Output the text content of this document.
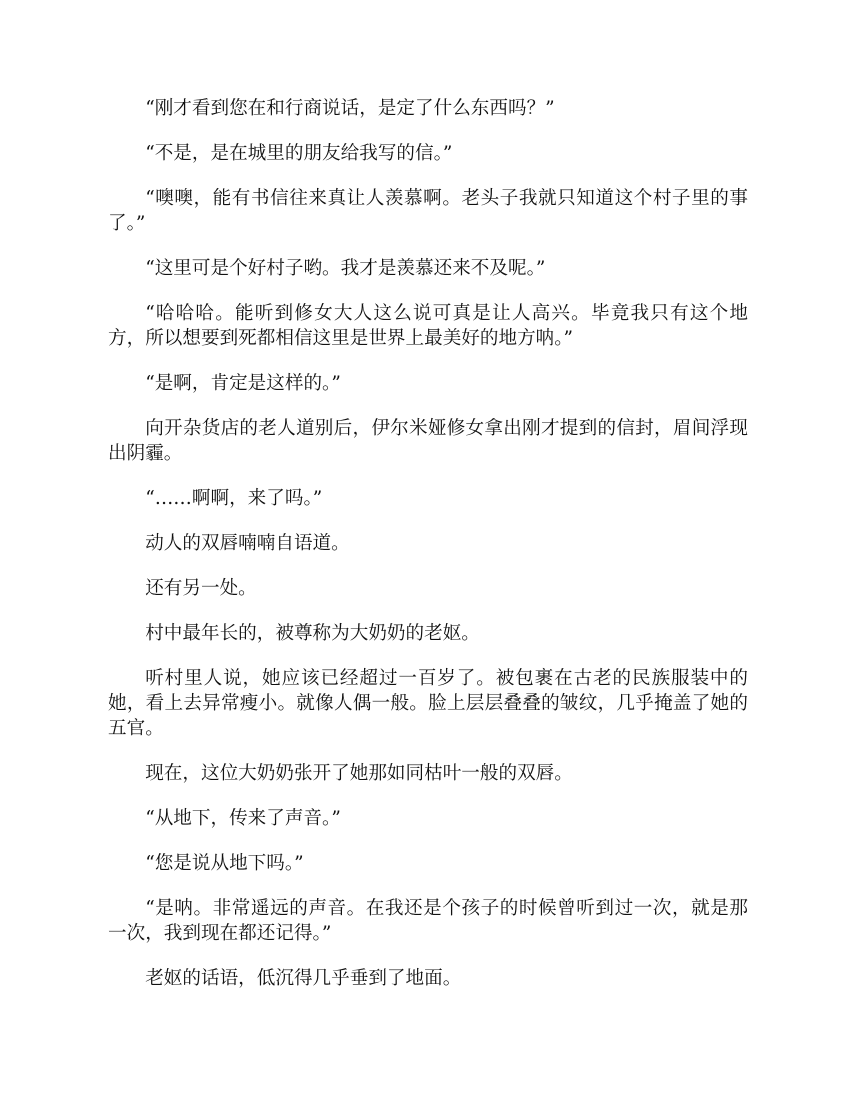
“刚才看到您在和行商说话，是定了什么东西吗？”

“不是，是在城里的朋友给我写的信。”

“噢噢，能有书信往来真让人羡慕啊。老头子我就只知道这个村子里的事了。”

“这里可是个好村子哟。我才是羡慕还来不及呢。”

“哈哈哈。能听到修女大人这么说可真是让人高兴。毕竟我只有这个地方，所以想要到死都相信这里是世界上最美好的地方呐。”

“是啊，肯定是这样的。”

向开杂货店的老人道别后，伊尔米娅修女拿出刚才提到的信封，眉间浮现出阴霾。

“……啊啊，来了吗。”

动人的双唇喃喃自语道。

还有另一处。

村中最年长的，被尊称为大奶奶的老妪。

听村里人说，她应该已经超过一百岁了。被包裹在古老的民族服装中的她，看上去异常瘦小。就像人偶一般。脸上层层叠叠的皱纹，几乎掩盖了她的五官。

现在，这位大奶奶张开了她那如同枯叶一般的双唇。

“从地下，传来了声音。”

“您是说从地下吗。”

“是呐。非常遥远的声音。在我还是个孩子的时候曾听到过一次，就是那一次，我到现在都还记得。”

老妪的话语，低沉得几乎垂到了地面。
